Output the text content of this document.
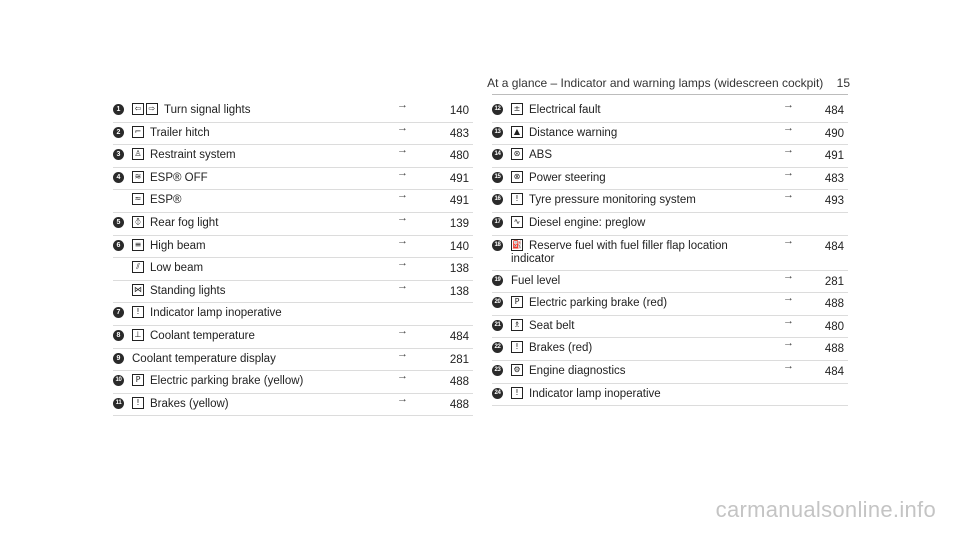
At a glance – Indicator and warning lamps (widescreen cockpit) 15
1	⇦ ⇨ Turn signal lights	→	140
2	⌐ Trailer hitch	→	483
3	♙ Restraint system	→	480
4	≋ ESP® OFF	→	491
≈ ESP®	→	491
5	⦽ Rear fog light	→	139
6	≡ High beam	→	140
⫽ Low beam	→	138
⋈ Standing lights	→	138
7	! Indicator lamp inoperative
8	⊥ Coolant temperature	→	484
9	Coolant temperature display	→	281
10	P Electric parking brake (yellow)	→	488
11	! Brakes (yellow)	→	488
12	± Electrical fault	→	484
13	▲ Distance warning	→	490
14	⊛ ABS	→	491
15	⊗ Power steering	→	483
16	! Tyre pressure monitoring system	→	493
17	∿ Diesel engine: preglow
18	⛽ Reserve fuel with fuel filler flap location
indicator
→	484
19 Fuel level	→	281
20	P Electric parking brake (red)	→	488
21	♗ Seat belt	→	480
22	! Brakes (red)	→	488
23	⚙ Engine diagnostics	→	484
24	! Indicator lamp inoperative
carmanualsonline.info
